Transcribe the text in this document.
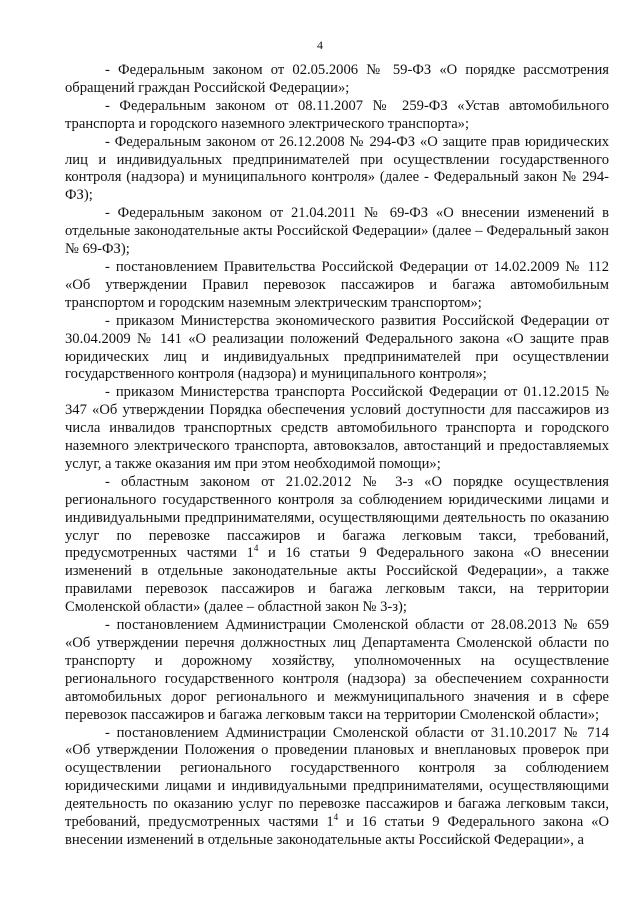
4

- Федеральным законом от 02.05.2006 № 59-ФЗ «О порядке рассмотрения обращений граждан Российской Федерации»;

- Федеральным законом от 08.11.2007 № 259-ФЗ «Устав автомобильного транспорта и городского наземного электрического транспорта»;

- Федеральным законом от 26.12.2008 № 294-ФЗ «О защите прав юридических лиц и индивидуальных предпринимателей при осуществлении государственного контроля (надзора) и муниципального контроля» (далее - Федеральный закон № 294-ФЗ);

- Федеральным законом от 21.04.2011 № 69-ФЗ «О внесении изменений в отдельные законодательные акты Российской Федерации» (далее – Федеральный закон № 69-ФЗ);

- постановлением Правительства Российской Федерации от 14.02.2009 № 112 «Об утверждении Правил перевозок пассажиров и багажа автомобильным транспортом и городским наземным электрическим транспортом»;

- приказом Министерства экономического развития Российской Федерации от 30.04.2009 № 141 «О реализации положений Федерального закона «О защите прав юридических лиц и индивидуальных предпринимателей при осуществлении государственного контроля (надзора) и муниципального контроля»;

- приказом Министерства транспорта Российской Федерации от 01.12.2015 № 347 «Об утверждении Порядка обеспечения условий доступности для пассажиров из числа инвалидов транспортных средств автомобильного транспорта и городского наземного электрического транспорта, автовокзалов, автостанций и предоставляемых услуг, а также оказания им при этом необходимой помощи»;

- областным законом от 21.02.2012 № 3-з «О порядке осуществления регионального государственного контроля за соблюдением юридическими лицами и индивидуальными предпринимателями, осуществляющими деятельность по оказанию услуг по перевозке пассажиров и багажа легковым такси, требований, предусмотренных частями $1^4$ и 16 статьи 9 Федерального закона «О внесении изменений в отдельные законодательные акты Российской Федерации», а также правилами перевозок пассажиров и багажа легковым такси, на территории Смоленской области» (далее – областной закон № 3-з);

- постановлением Администрации Смоленской области от 28.08.2013 № 659 «Об утверждении перечня должностных лиц Департамента Смоленской области по транспорту и дорожному хозяйству, уполномоченных на осуществление регионального государственного контроля (надзора) за обеспечением сохранности автомобильных дорог регионального и межмуниципального значения и в сфере перевозок пассажиров и багажа легковым такси на территории Смоленской области»;

- постановлением Администрации Смоленской области от 31.10.2017 № 714 «Об утверждении Положения о проведении плановых и внеплановых проверок при осуществлении регионального государственного контроля за соблюдением юридическими лицами и индивидуальными предпринимателями, осуществляющими деятельность по оказанию услуг по перевозке пассажиров и багажа легковым такси, требований, предусмотренных частями $1^4$ и 16 статьи 9 Федерального закона «О внесении изменений в отдельные законодательные акты Российской Федерации», а
